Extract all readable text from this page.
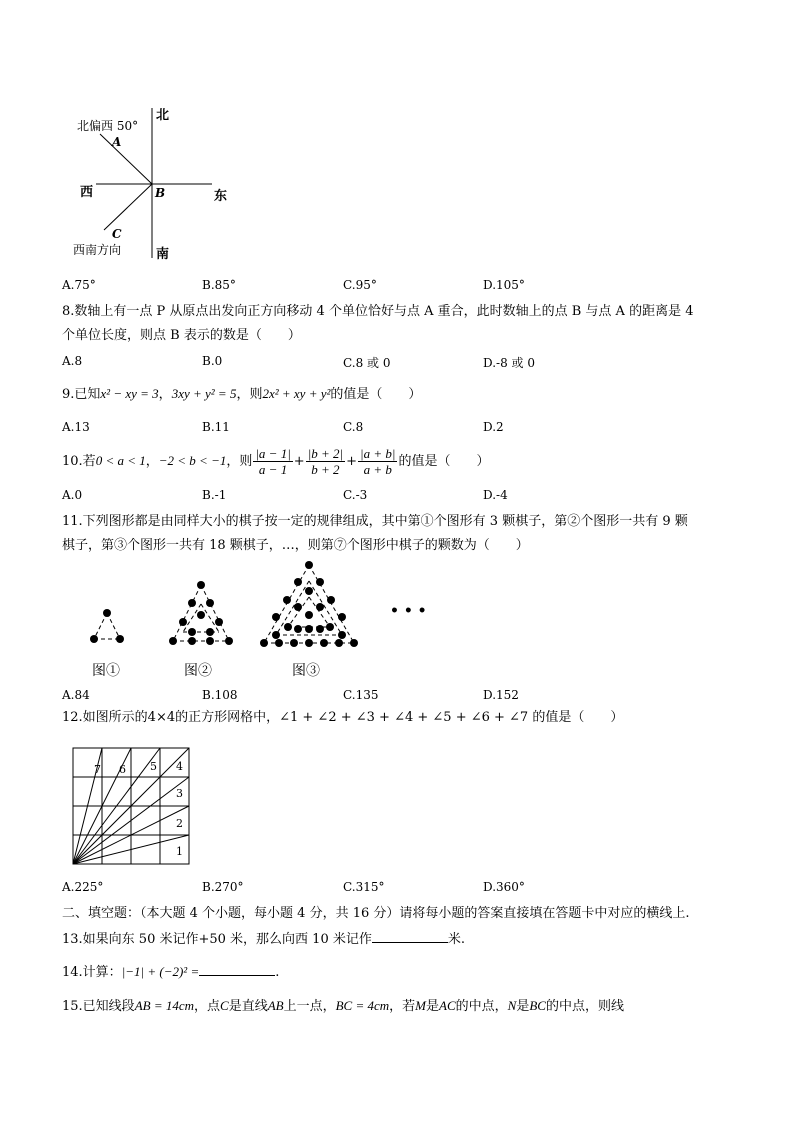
北
南
西	东
北偏西 50°
西南方向
A
B
C
A.75°	B.85°	C.95°	D.105°
8.数轴上有一点 P 从原点出发向正方向移动 4 个单位恰好与点 A 重合，此时数轴上的点 B 与点 A 的距离是 4
个单位长度，则点 B 表示的数是（　　）
A.8	B.0	C.8 或 0	D.-8 或 0
9.已知x² − xy = 3，3xy + y² = 5，则2x² + xy + y²的值是（　　）
A.13	B.11	C.8	D.2
10.若0 < a < 1，−2 < b < −1，则 $\frac{|a - 1|}{a - 1} + \frac{|b + 2|}{b + 2} + \frac{|a + b|}{a + b}$ 的值是（　　）
A.0	B.-1	C.-3	D.-4
11.下列图形都是由同样大小的棋子按一定的规律组成，其中第①个图形有 3 颗棋子，第②个图形一共有 9 颗
棋子，第③个图形一共有 18 颗棋子，…，则第⑦个图形中棋子的颗数为（　　）
• • •
图①	图②	图③
A.84	B.108	C.135	D.152
12.如图所示的4×4的正方形网格中，∠1 + ∠2 + ∠3 + ∠4 + ∠5 + ∠6 + ∠7 的值是（　　）
1
2
3
4
5
6
7
A.225°	B.270°	C.315°	D.360°
二、填空题：（本大题 4 个小题，每小题 4 分，共 16 分）请将每小题的答案直接填在答题卡中对应的横线上.
13.如果向东 50 米记作+50 米，那么向西 10 米记作	米.
14.计算：|−1| + (−2)² =	.
15.已知线段AB = 14cm，点C是直线AB上一点，BC = 4cm，若M是AC的中点，N是BC的中点，则线
